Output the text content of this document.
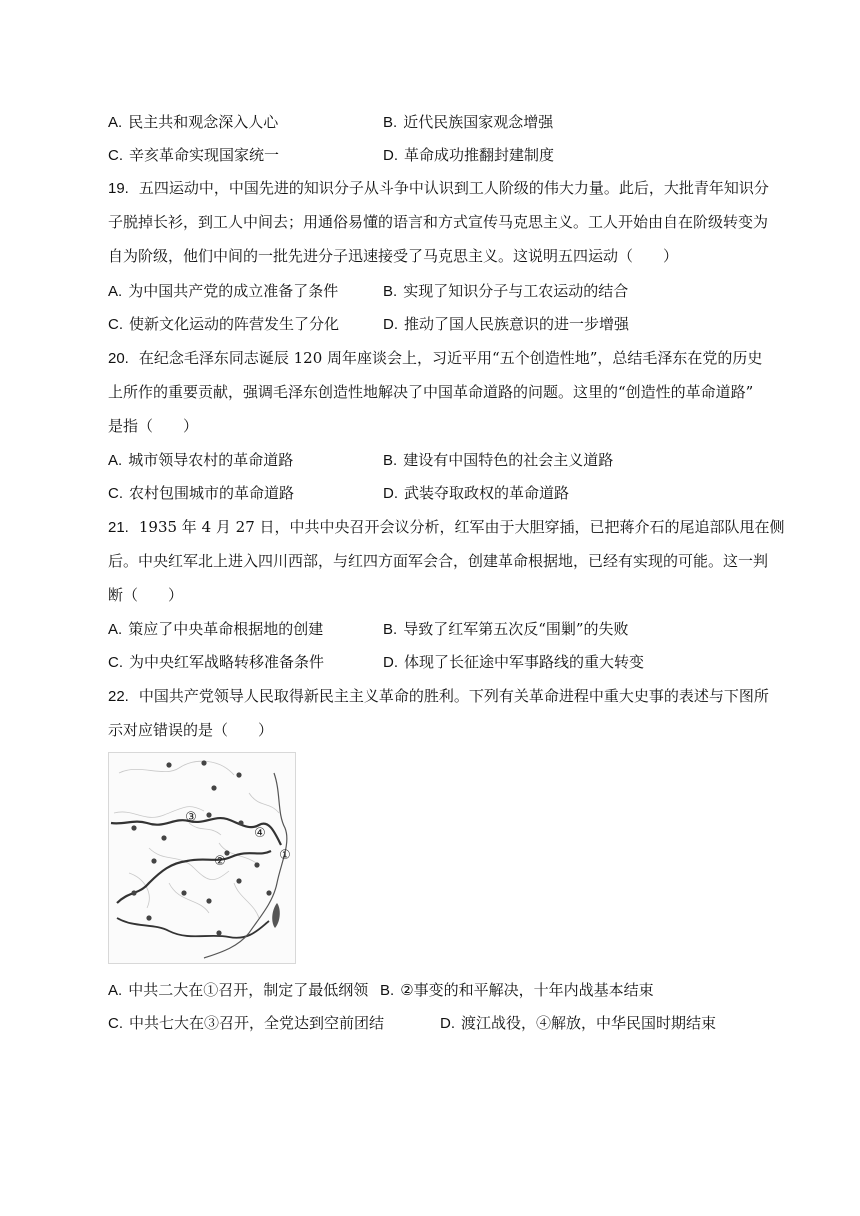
A. 民主共和观念深入人心	B. 近代民族国家观念增强
C. 辛亥革命实现国家统一	D. 革命成功推翻封建制度
19. 五四运动中，中国先进的知识分子从斗争中认识到工人阶级的伟大力量。此后，大批青年知识分
子脱掉长衫，到工人中间去；用通俗易懂的语言和方式宣传马克思主义。工人开始由自在阶级转变为
自为阶级，他们中间的一批先进分子迅速接受了马克思主义。这说明五四运动（　　）
A. 为中国共产党的成立准备了条件	B. 实现了知识分子与工农运动的结合
C. 使新文化运动的阵营发生了分化	D. 推动了国人民族意识的进一步增强
20. 在纪念毛泽东同志诞辰 120 周年座谈会上，习近平用“五个创造性地”，总结毛泽东在党的历史
上所作的重要贡献，强调毛泽东创造性地解决了中国革命道路的问题。这里的“创造性的革命道路”
是指（　　）
A. 城市领导农村的革命道路	B. 建设有中国特色的社会主义道路
C. 农村包围城市的革命道路	D. 武装夺取政权的革命道路
21. 1935 年 4 月 27 日，中共中央召开会议分析，红军由于大胆穿插，已把蒋介石的尾追部队甩在侧
后。中央红军北上进入四川西部，与红四方面军会合，创建革命根据地，已经有实现的可能。这一判
断（　　）
A. 策应了中央革命根据地的创建	B. 导致了红军第五次反“围剿”的失败
C. 为中央红军战略转移准备条件	D. 体现了长征途中军事路线的重大转变
22. 中国共产党领导人民取得新民主主义革命的胜利。下列有关革命进程中重大史事的表述与下图所
示对应错误的是（　　）
①
②
③
④
A. 中共二大在①召开，制定了最低纲领 B. ②事变的和平解决，十年内战基本结束
C. 中共七大在③召开，全党达到空前团结	D. 渡江战役，④解放，中华民国时期结束
